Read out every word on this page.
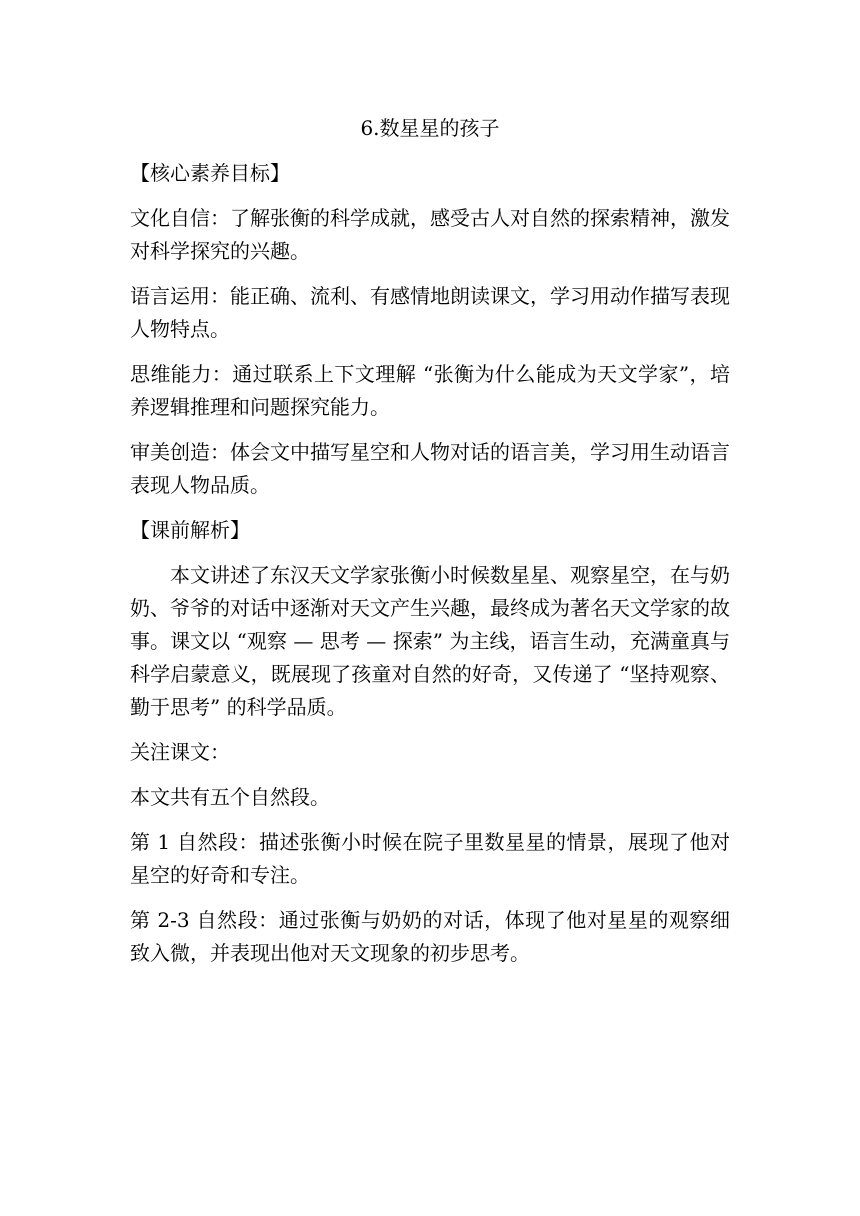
6.数星星的孩子
【核心素养目标】
文化自信：了解张衡的科学成就，感受古人对自然的探索精神，激发对科学探究的兴趣。
语言运用：能正确、流利、有感情地朗读课文，学习用动作描写表现人物特点。
思维能力：通过联系上下文理解 “张衡为什么能成为天文学家”，培养逻辑推理和问题探究能力。
审美创造：体会文中描写星空和人物对话的语言美，学习用生动语言表现人物品质。
【课前解析】
本文讲述了东汉天文学家张衡小时候数星星、观察星空，在与奶奶、爷爷的对话中逐渐对天文产生兴趣，最终成为著名天文学家的故事。课文以 “观察 — 思考 — 探索” 为主线，语言生动，充满童真与科学启蒙意义，既展现了孩童对自然的好奇，又传递了 “坚持观察、勤于思考” 的科学品质。
关注课文：
本文共有五个自然段。
第 1 自然段：描述张衡小时候在院子里数星星的情景，展现了他对星空的好奇和专注。
第 2-3 自然段：通过张衡与奶奶的对话，体现了他对星星的观察细致入微，并表现出他对天文现象的初步思考。
